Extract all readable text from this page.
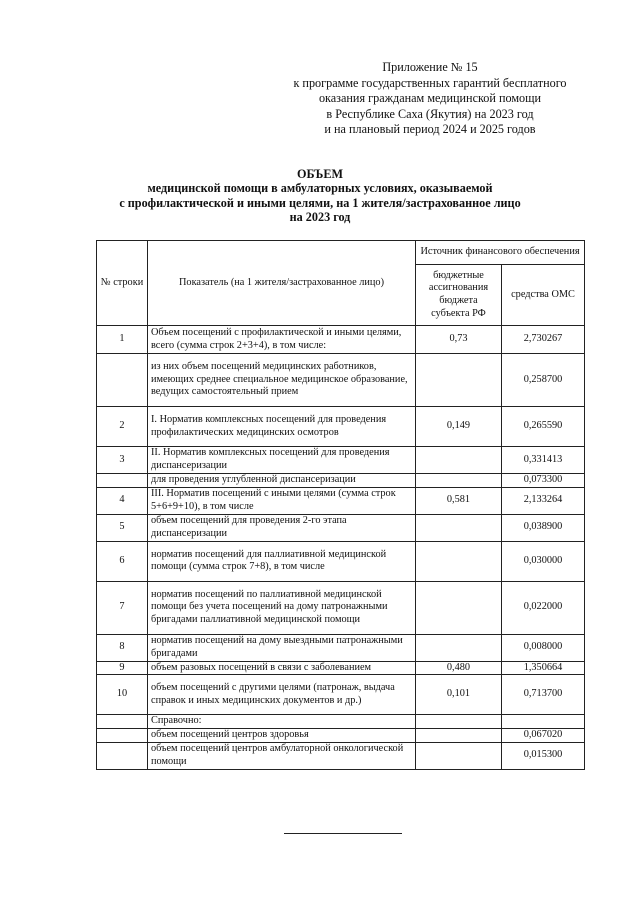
Приложение № 15
к программе государственных гарантий бесплатного
оказания гражданам медицинской помощи
в Республике Саха (Якутия) на 2023 год
и на плановый период 2024 и 2025 годов
ОБЪЕМ
медицинской помощи в амбулаторных условиях, оказываемой
с профилактической и иными целями, на 1 жителя/застрахованное лицо
на 2023 год
№ строки	Показатель (на 1 жителя/застрахованное лицо)	Источник финансового обеспечения	
		бюджетные ассигнования бюджета субъекта РФ	средства ОМС
1	Объем посещений с профилактической и иными целями, всего (сумма строк 2+3+4), в том числе:	0,73	2,730267
	из них объем посещений медицинских работников, имеющих среднее специальное медицинское образование, ведущих самостоятельный прием		0,258700
2	I. Норматив комплексных посещений для проведения профилактических медицинских осмотров	0,149	0,265590
3	II. Норматив комплексных посещений для проведения диспансеризации		0,331413
	для проведения углубленной диспансеризации		0,073300
4	III. Норматив посещений с иными целями (сумма строк 5+6+9+10), в том числе	0,581	2,133264
5	объем посещений для проведения 2-го этапа диспансеризации		0,038900
6	норматив посещений для паллиативной медицинской помощи (сумма строк 7+8), в том числе		0,030000
7	норматив посещений по паллиативной медицинской помощи без учета посещений на дому патронажными бригадами паллиативной медицинской помощи		0,022000
8	норматив посещений на дому выездными патронажными бригадами		0,008000
9	объем разовых посещений в связи с заболеванием	0,480	1,350664
10	объем посещений с другими целями (патронаж, выдача справок и иных медицинских документов и др.)	0,101	0,713700
	Справочно:		
	объем посещений центров здоровья		0,067020
	объем посещений центров амбулаторной онкологической помощи		0,015300
